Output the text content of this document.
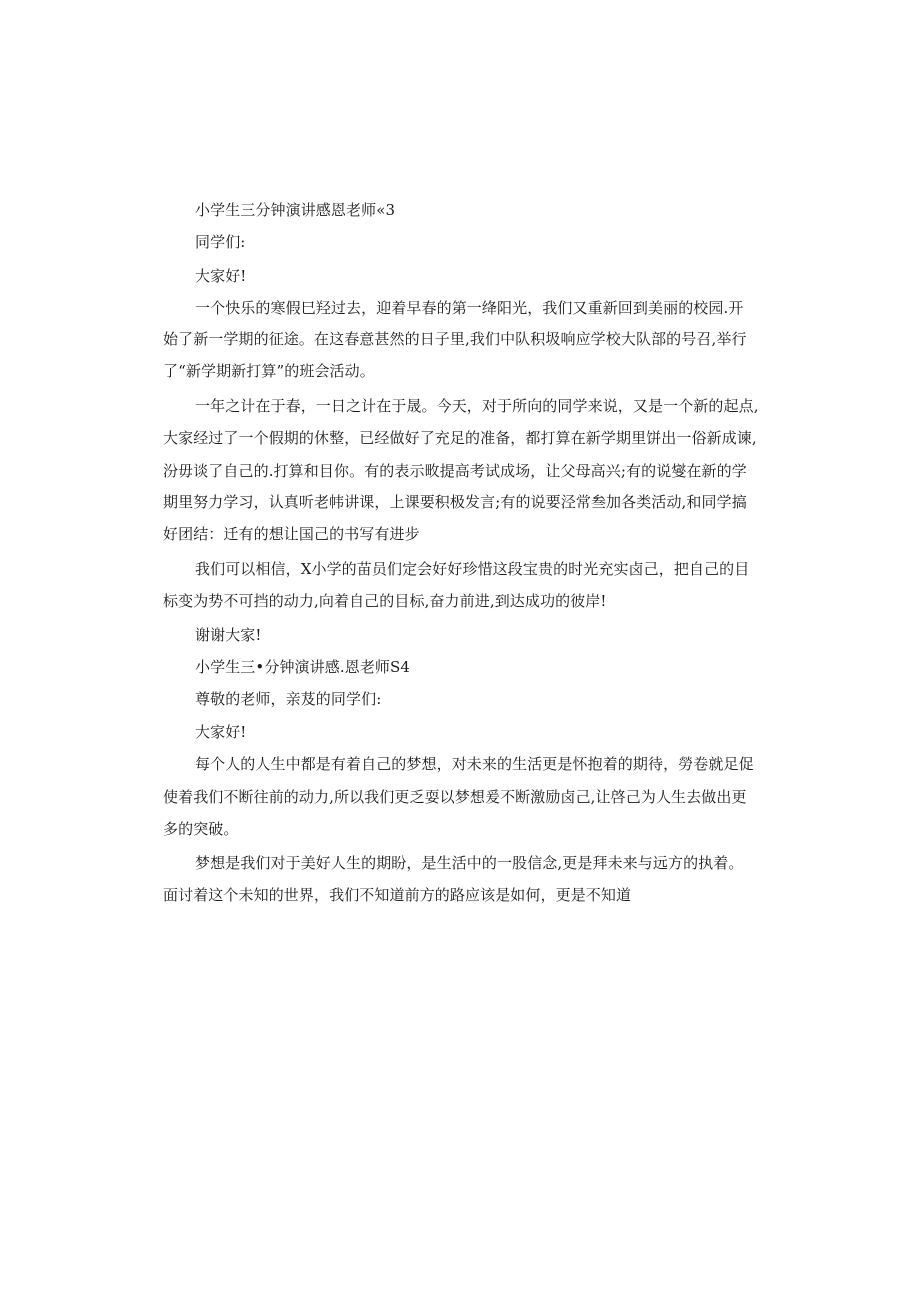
小学生三分钟演讲感恩老师«3
同学们:
大家好!
一个快乐的寒假巳羟过去，迎着早春的第一绛阳光，我们又重新回到美丽的校园.开
始了新一学期的征途。在这春意甚然的日子里,我们中队积圾响应学校大队部的号召,举行
了“新学期新打算”的班会活动。
一年之计在于春，一日之计在于晟。今天，对于所向的同学来说，又是一个新的起点,
大家经过了一个假期的休整，已经做好了充足的准备，都打算在新学期里饼出一俗新成谏,
汾毋谈了自己的.打算和目你。有的表示畋提高考试成场，让父母高兴;有的说燮在新的学
期里努力学习，认真听老帏讲课，上课要积极发言;有的说要泾常叁加各类活动,和同学搞
好团结：迁有的想让国己的书写有进步
我们可以相信，X小学的苗员们定会好好珍惜这段宝贵的时光充实卤己，把自己的目
标变为势不可挡的动力,向着自己的目标,奋力前进,到达成功的彼岸!
谢谢大家!
小学生三•分钟演讲感.恩老师S4
尊敬的老师，亲芨的同学们:
大家好!
每个人的人生中都是有着自己的梦想，对未来的生活更是怀抱着的期待，勞卷就足促
使着我们不断往前的动力,所以我们更乏耍以梦想爰不断激励卤己,让啓己为人生去做出更
多的突破。
梦想是我们对于美好人生的期盼，是生活中的一股信念,更是拜未来与远方的执着。
面讨着这个未知的世界，我们不知道前方的路应该是如何，更是不知道
